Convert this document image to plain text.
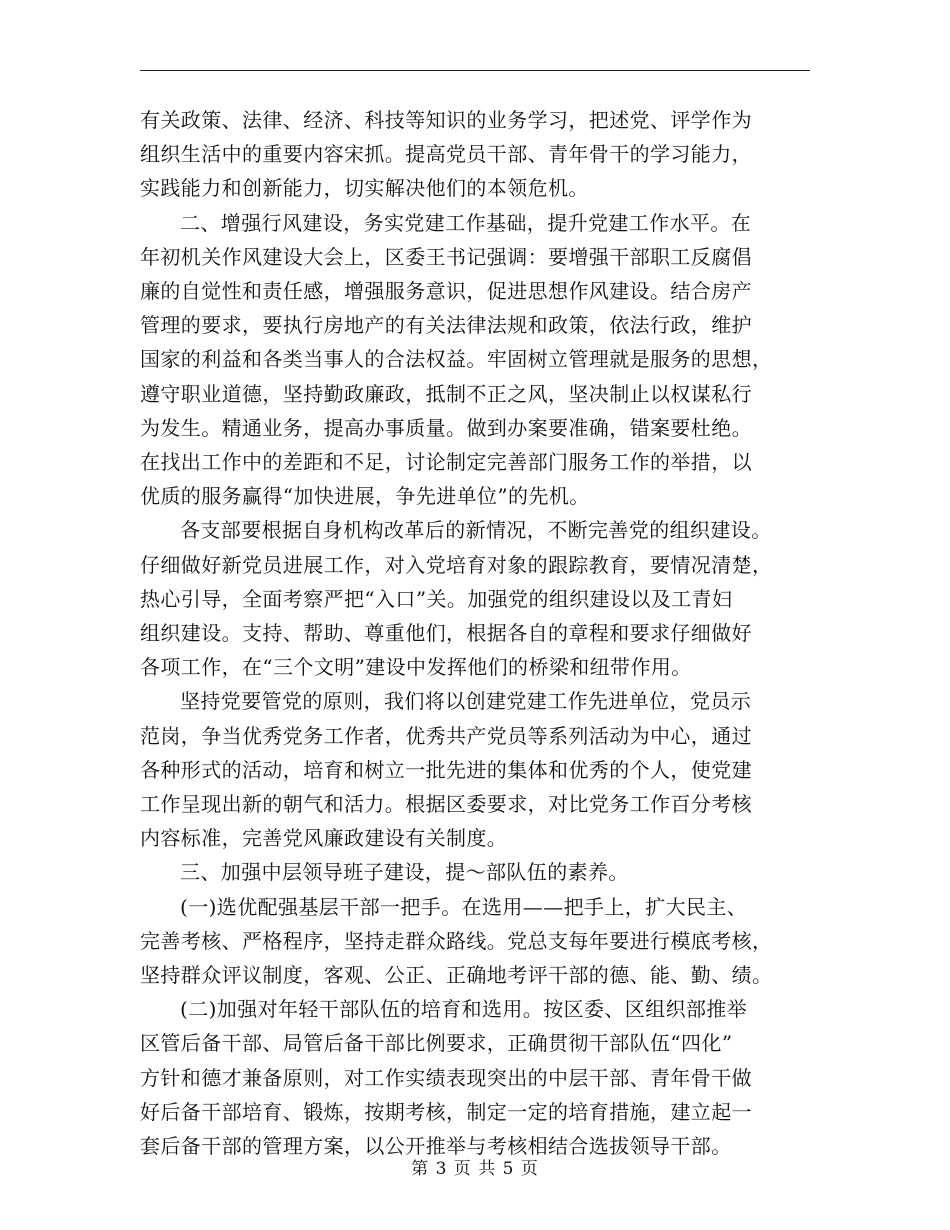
有关政策、法律、经济、科技等知识的业务学习，把述党、评学作为
组织生活中的重要内容宋抓。提高党员干部、青年骨干的学习能力，
实践能力和创新能力，切实解决他们的本领危机。

二、增强行风建设，务实党建工作基础，提升党建工作水平。在
年初机关作风建设大会上，区委王书记强调：要增强干部职工反腐倡
廉的自觉性和责任感，增强服务意识，促进思想作风建设。结合房产
管理的要求，要执行房地产的有关法律法规和政策，依法行政，维护
国家的利益和各类当事人的合法权益。牢固树立管理就是服务的思想，
遵守职业道德，坚持勤政廉政，抵制不正之风，坚决制止以权谋私行
为发生。精通业务，提高办事质量。做到办案要准确，错案要杜绝。
在找出工作中的差距和不足，讨论制定完善部门服务工作的举措，以
优质的服务赢得“加快进展，争先进单位”的先机。

各支部要根据自身机构改革后的新情况，不断完善党的组织建设。
仔细做好新党员进展工作，对入党培育对象的跟踪教育，要情况清楚，
热心引导，全面考察严把“入口”关。加强党的组织建设以及工青妇
组织建设。支持、帮助、尊重他们，根据各自的章程和要求仔细做好
各项工作，在“三个文明”建设中发挥他们的桥梁和纽带作用。

坚持党要管党的原则，我们将以创建党建工作先进单位，党员示
范岗，争当优秀党务工作者，优秀共产党员等系列活动为中心，通过
各种形式的活动，培育和树立一批先进的集体和优秀的个人，使党建
工作呈现出新的朝气和活力。根据区委要求，对比党务工作百分考核
内容标准，完善党风廉政建设有关制度。

三、加强中层领导班子建设，提～部队伍的素养。

(一)选优配强基层干部一把手。在选用——把手上，扩大民主、
完善考核、严格程序，坚持走群众路线。党总支每年要进行模底考核，
坚持群众评议制度，客观、公正、正确地考评干部的德、能、勤、绩。

(二)加强对年轻干部队伍的培育和选用。按区委、区组织部推举
区管后备干部、局管后备干部比例要求，正确贯彻干部队伍“四化”
方针和德才兼备原则，对工作实绩表现突出的中层干部、青年骨干做
好后备干部培育、锻炼，按期考核，制定一定的培育措施，建立起一
套后备干部的管理方案，以公开推举与考核相结合选拔领导干部。

第 3 页 共 5 页
